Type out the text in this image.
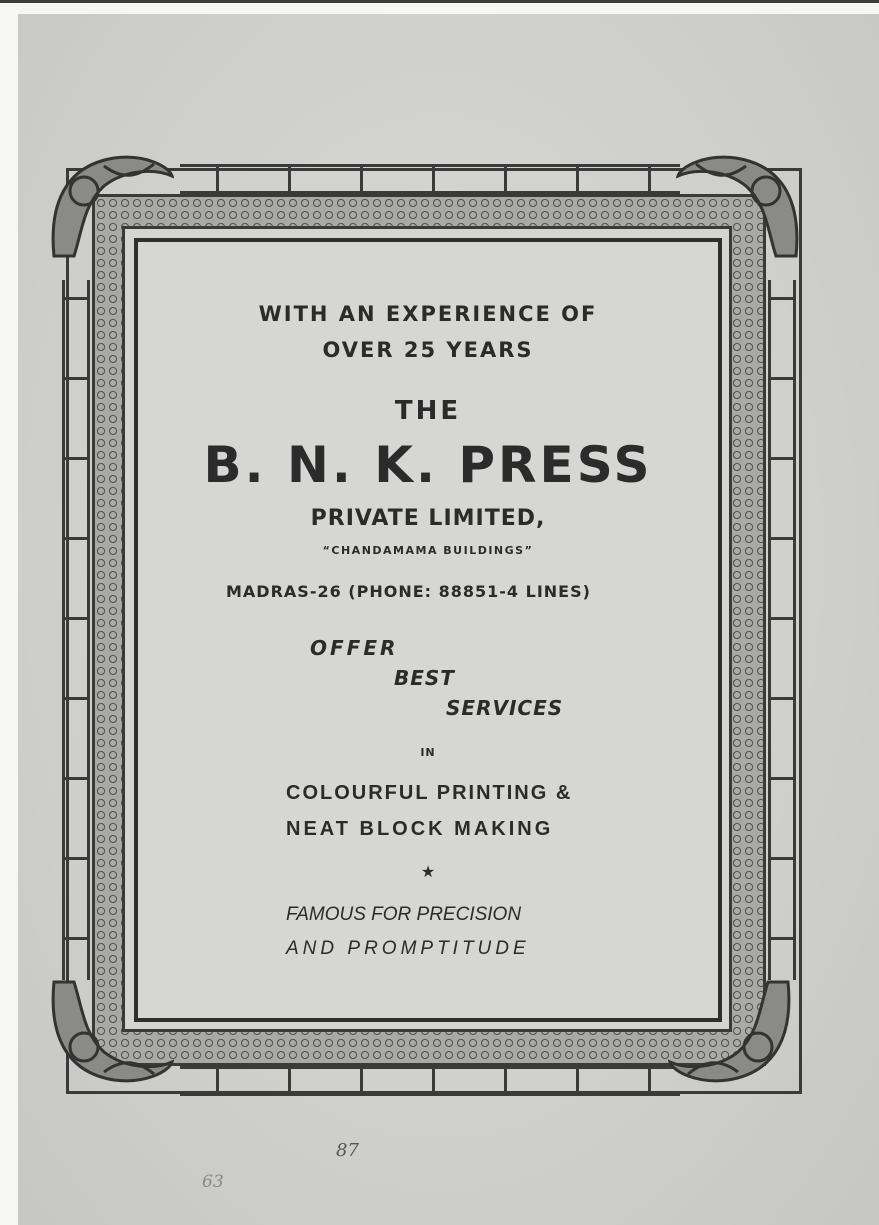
WITH AN EXPERIENCE OF

OVER 25 YEARS

THE

B. N. K. PRESS

PRIVATE LIMITED,

“CHANDAMAMA BUILDINGS”

MADRAS-26 (PHONE: 88851-4 LINES)

OFFER

BEST

SERVICES

IN

COLOURFUL PRINTING &

NEAT BLOCK MAKING

★

FAMOUS FOR PRECISION

AND PROMPTITUDE

87
63
